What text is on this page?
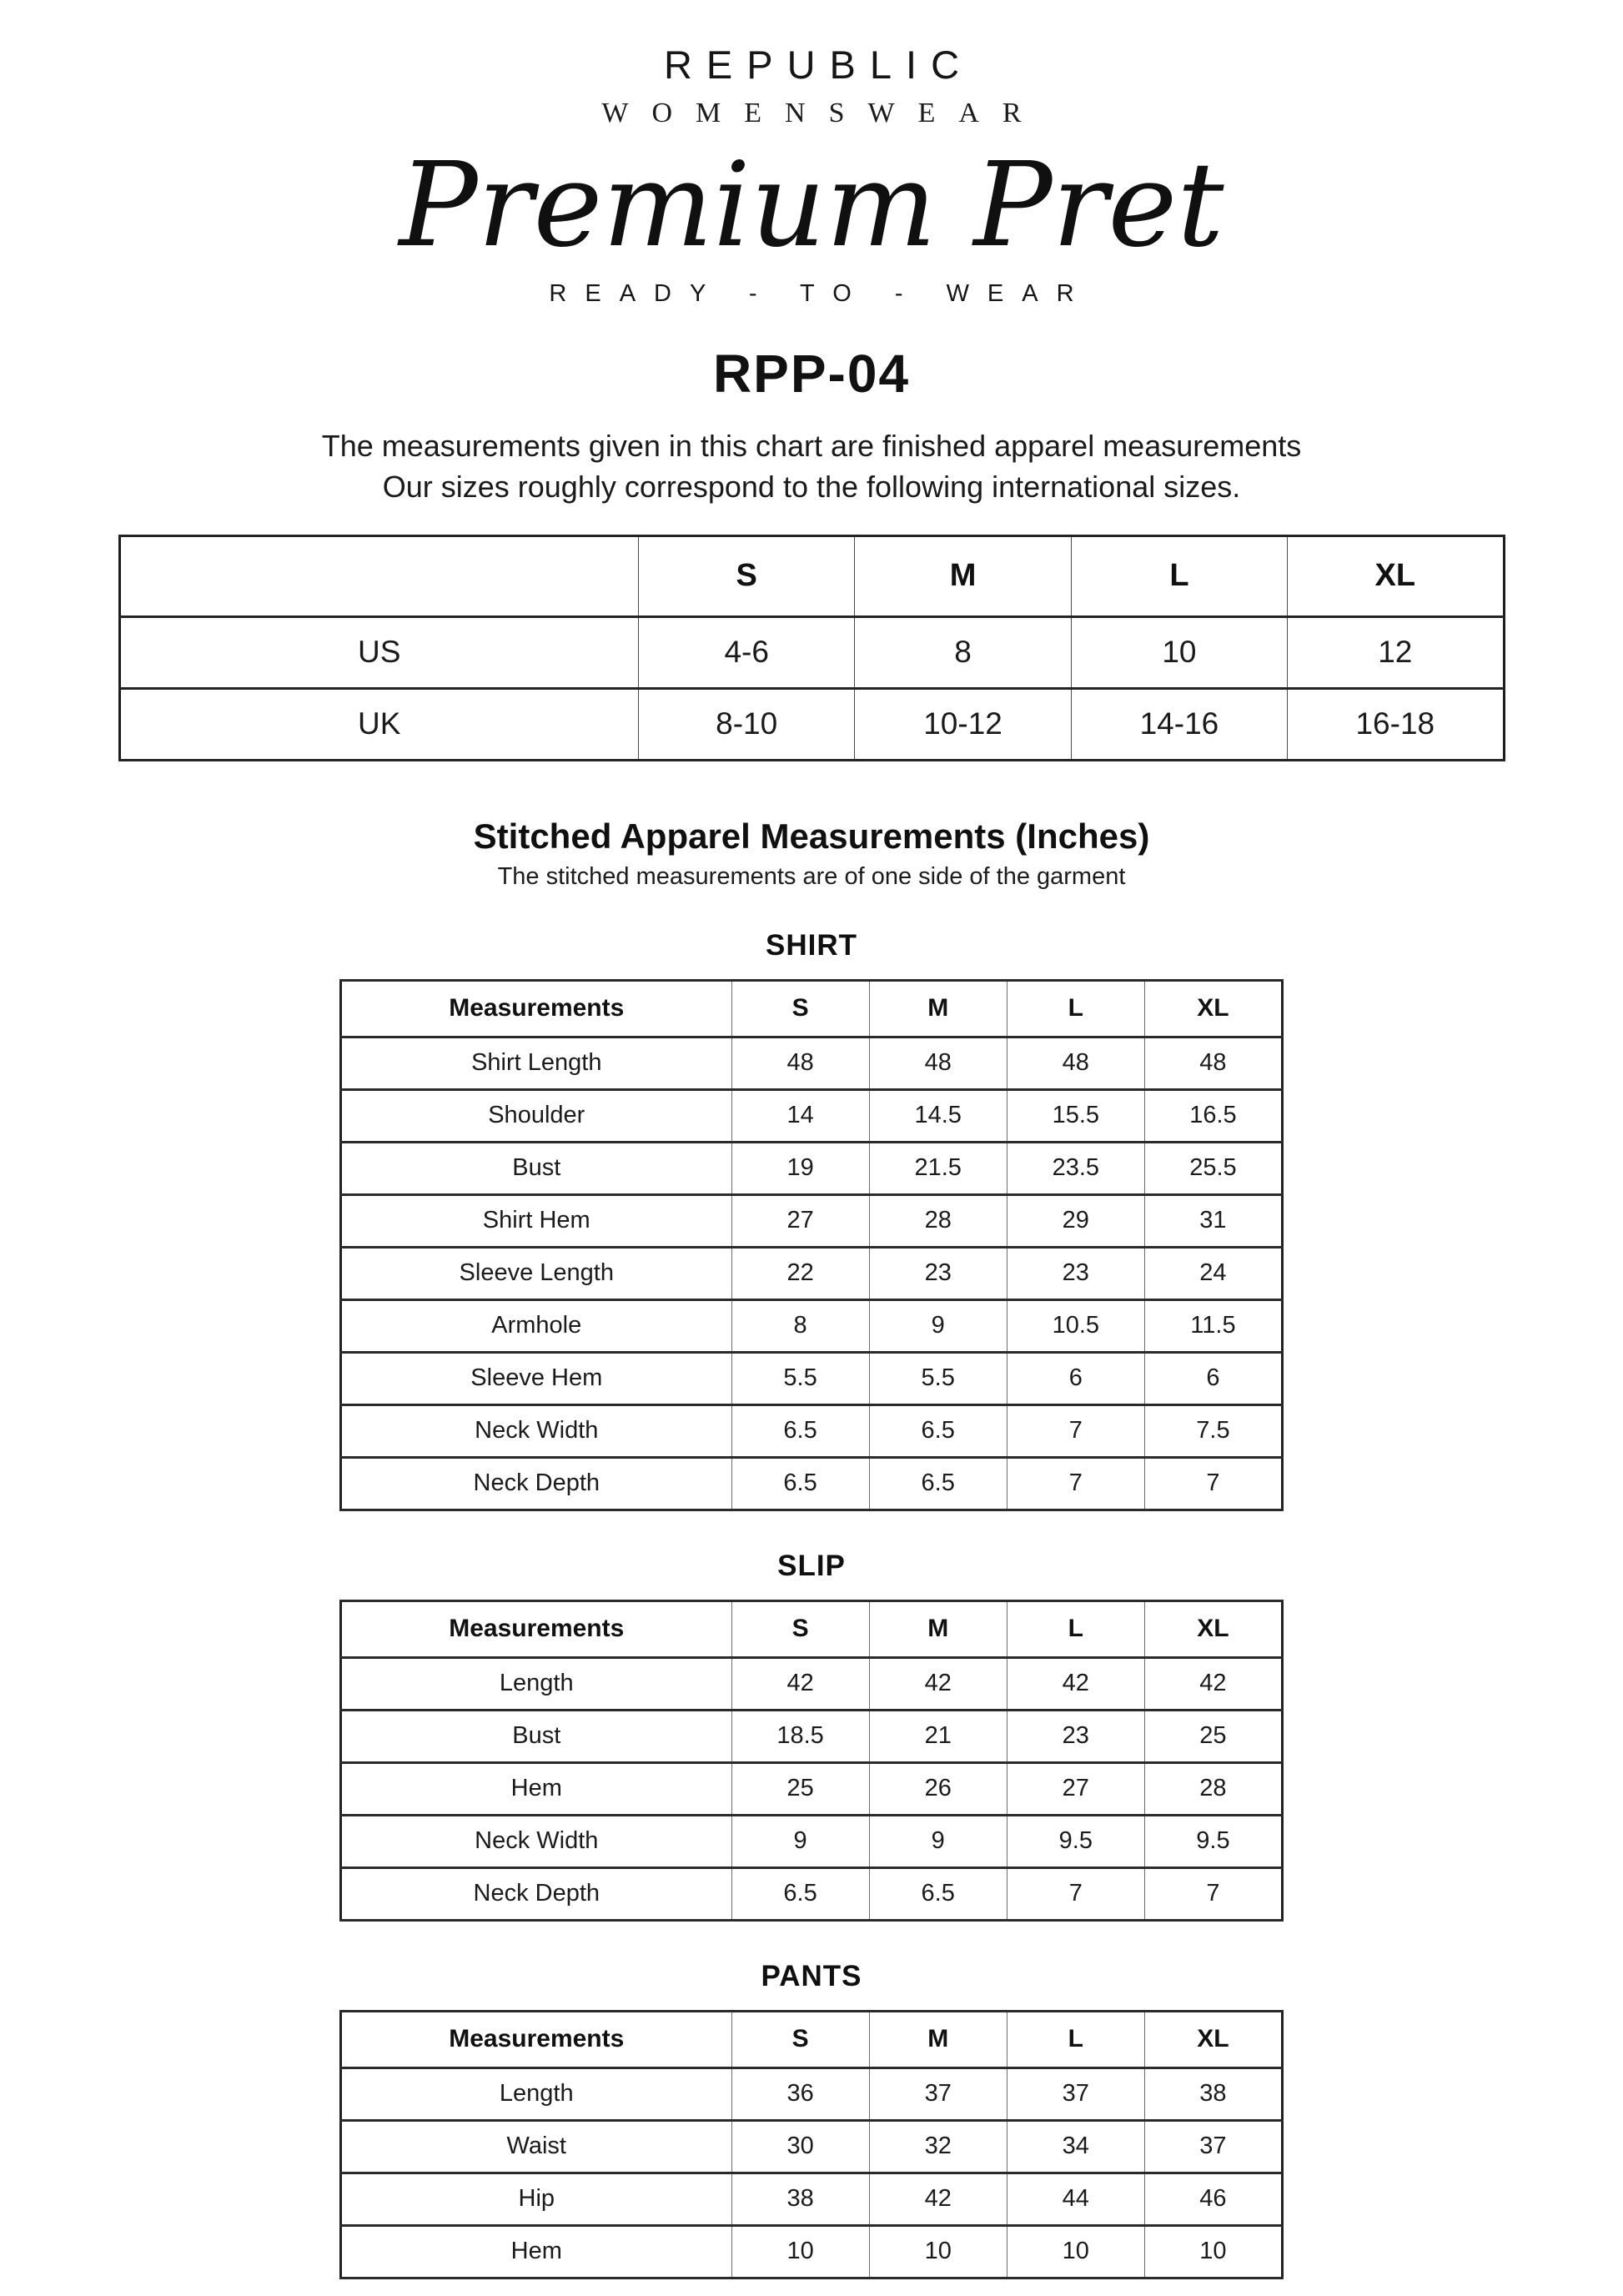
REPUBLIC
WOMENSWEAR
Premium Pret
READY - TO - WEAR
RPP-04

The measurements given in this chart are finished apparel measurements

Our sizes roughly correspond to the following international sizes.

	S	M	L	XL
US	4-6	8	10	12
UK	8-10	10-12	14-16	16-18
Stitched Apparel Measurements (Inches)

The stitched measurements are of one side of the garment

SHIRT
Measurements	S	M	L	XL
Shirt Length	48	48	48	48
Shoulder	14	14.5	15.5	16.5
Bust	19	21.5	23.5	25.5
Shirt Hem	27	28	29	31
Sleeve Length	22	23	23	24
Armhole	8	9	10.5	11.5
Sleeve Hem	5.5	5.5	6	6
Neck Width	6.5	6.5	7	7.5
Neck Depth	6.5	6.5	7	7
SLIP
Measurements	S	M	L	XL
Length	42	42	42	42
Bust	18.5	21	23	25
Hem	25	26	27	28
Neck Width	9	9	9.5	9.5
Neck Depth	6.5	6.5	7	7
PANTS
Measurements	S	M	L	XL
Length	36	37	37	38
Waist	30	32	34	37
Hip	38	42	44	46
Hem	10	10	10	10
